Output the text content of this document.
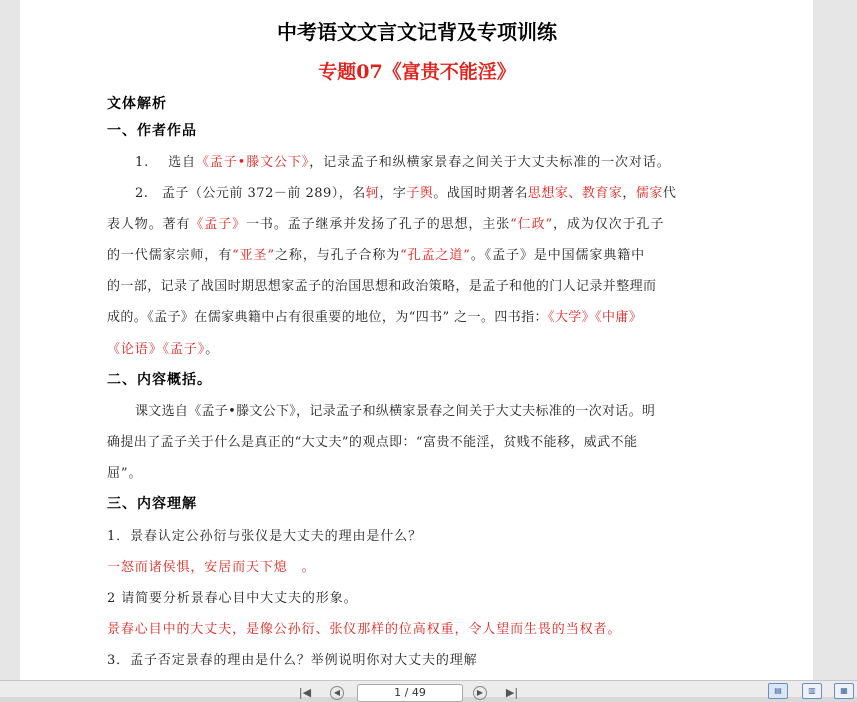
中考语文文言文记背及专项训练
专题07《富贵不能淫》
文体解析
一、作者作品
1.　 选自《孟子•滕文公下》，记录孟子和纵横家景春之间关于大丈夫标准的一次对话。
2.　孟子（公元前 372－前 289），名轲，字子舆。战国时期著名思想家、教育家，儒家代
表人物。著有《孟子》一书。孟子继承并发扬了孔子的思想，主张“仁政”，成为仅次于孔子
的一代儒家宗师，有“亚圣”之称，与孔子合称为“孔孟之道”。《孟子》是中国儒家典籍中
的一部，记录了战国时期思想家孟子的治国思想和政治策略，是孟子和他的门人记录并整理而
成的。《孟子》在儒家典籍中占有很重要的地位，为“四书” 之一。四书指：《大学》《中庸》
《论语》《孟子》。
二、内容概括。
课文选自《孟子•滕文公下》，记录孟子和纵横家景春之间关于大丈夫标准的一次对话。明
确提出了孟子关于什么是真正的“大丈夫”的观点即：“富贵不能淫，贫贱不能移，威武不能
屈”。
三、内容理解
1．景春认定公孙衍与张仪是大丈夫的理由是什么？
一怒而诸侯惧，安居而天下熄　。
2 请简要分析景春心目中大丈夫的形象。
景春心目中的大丈夫，是像公孙衍、张仪那样的位高权重，令人望而生畏的当权者。
3．孟子否定景春的理由是什么？举例说明你对大丈夫的理解
|◀	◀	1 / 49	▶	▶|	▤	▥	▦
